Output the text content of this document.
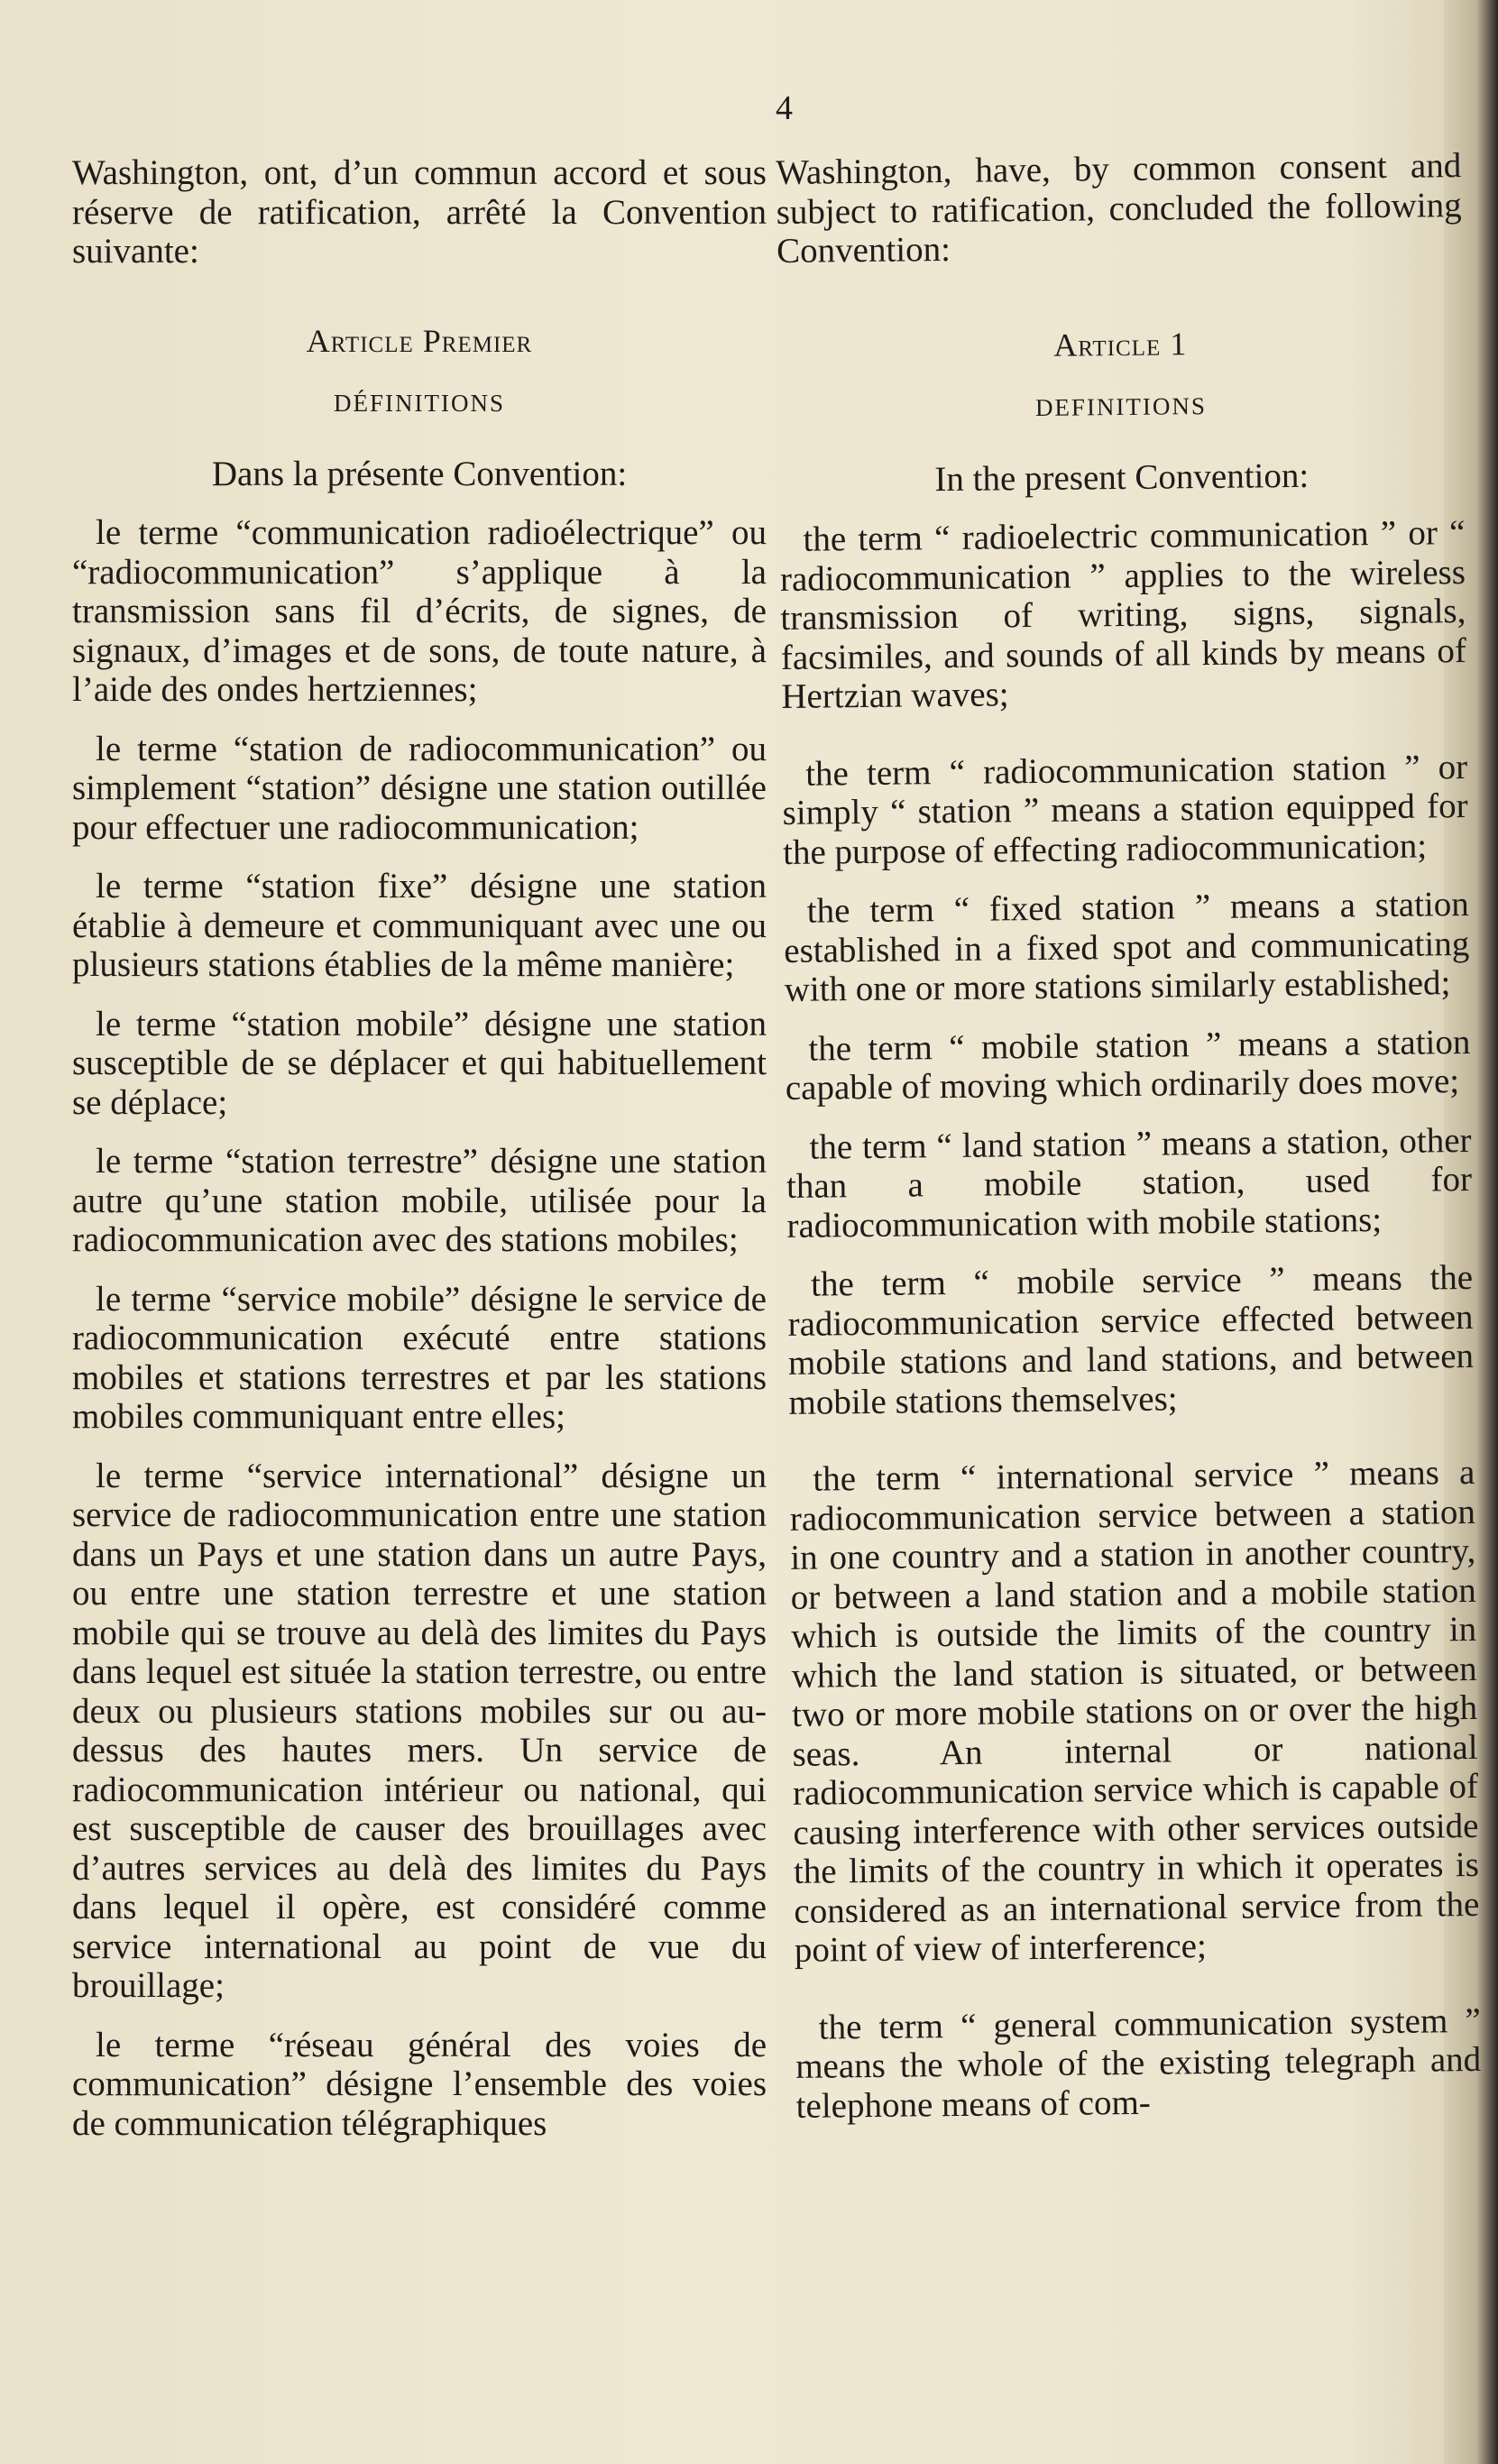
4

Washington, ont, d’un commun accord et sous réserve de ratification, arrêté la Convention suivante:

Article Premier
DÉFINITIONS

Dans la présente Convention:

le terme “communication radioélectrique” ou “radiocommunication” s’applique à la transmission sans fil d’écrits, de signes, de signaux, d’images et de sons, de toute nature, à l’aide des ondes hertziennes;

le terme “station de radiocommunication” ou simplement “station” désigne une station outillée pour effectuer une radiocommunication;

le terme “station fixe” désigne une station établie à demeure et communiquant avec une ou plusieurs stations établies de la même manière;

le terme “station mobile” désigne une station susceptible de se déplacer et qui habituellement se déplace;

le terme “station terrestre” désigne une station autre qu’une station mobile, utilisée pour la radiocommunication avec des stations mobiles;

le terme “service mobile” désigne le service de radiocommunication exécuté entre stations mobiles et stations terrestres et par les stations mobiles communiquant entre elles;

le terme “service international” désigne un service de radiocommunication entre une station dans un Pays et une station dans un autre Pays, ou entre une station terrestre et une station mobile qui se trouve au delà des limites du Pays dans lequel est située la station terrestre, ou entre deux ou plusieurs stations mobiles sur ou au-dessus des hautes mers. Un service de radiocommunication intérieur ou national, qui est susceptible de causer des brouillages avec d’autres services au delà des limites du Pays dans lequel il opère, est considéré comme service international au point de vue du brouillage;

le terme “réseau général des voies de communication” désigne l’ensemble des voies de communication télégraphiques

Washington, have, by common consent and subject to ratification, concluded the following Convention:

Article 1
DEFINITIONS

In the present Convention:

the term “ radioelectric communication ” or “ radiocommunication ” applies to the wireless transmission of writing, signs, signals, facsimiles, and sounds of all kinds by means of Hertzian waves;

the term “ radiocommunication station ” or simply “ station ” means a station equipped for the purpose of effecting radiocommunication;

the term “ fixed station ” means a station established in a fixed spot and communicating with one or more stations similarly established;

the term “ mobile station ” means a station capable of moving which ordinarily does move;

the term “ land station ” means a station, other than a mobile station, used for radiocommunication with mobile stations;

the term “ mobile service ” means the radiocommunication service effected between mobile stations and land stations, and between mobile stations themselves;

the term “ international service ” means a radiocommunication service between a station in one country and a station in another country, or between a land station and a mobile station which is outside the limits of the country in which the land station is situated, or between two or more mobile stations on or over the high seas. An internal or national radiocommunication service which is capable of causing interference with other services outside the limits of the country in which it operates is considered as an international service from the point of view of interference;

the term “ general communication system ” means the whole of the existing telegraph and telephone means of com-
